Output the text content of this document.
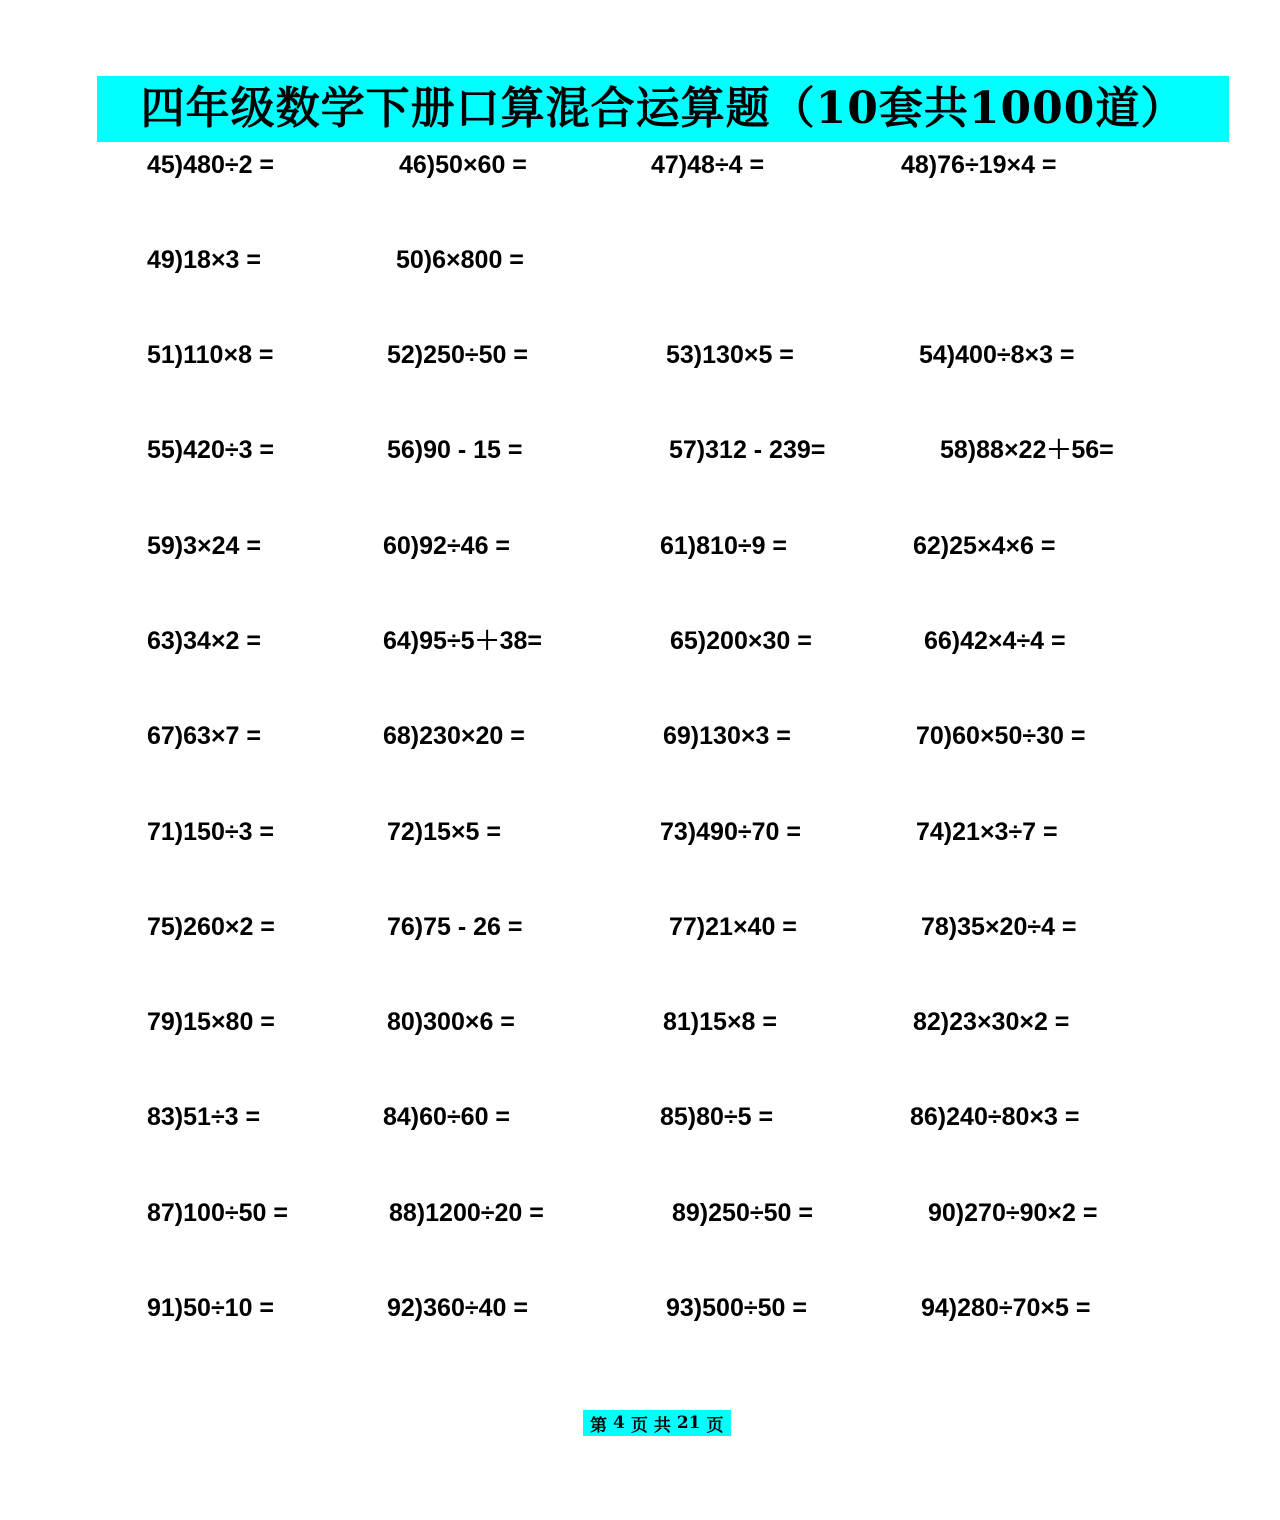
四年级数学下册口算混合运算题（10套共1000道）
45)480÷2 =	46)50×60 =	47)48÷4 =	48)76÷19×4 =
49)18×3 =	50)6×800 =
51)110×8 =	52)250÷50 =	53)130×5 =	54)400÷8×3 =
55)420÷3 =	56)90 - 15 =	57)312 - 239=	58)88×22＋56=
59)3×24 =	60)92÷46 =	61)810÷9 =	62)25×4×6 =
63)34×2 =	64)95÷5＋38=	65)200×30 =	66)42×4÷4 =
67)63×7 =	68)230×20 =	69)130×3 =	70)60×50÷30 =
71)150÷3 =	72)15×5 =	73)490÷70 =	74)21×3÷7 =
75)260×2 =	76)75 - 26 =	77)21×40 =	78)35×20÷4 =
79)15×80 =	80)300×6 =	81)15×8 =	82)23×30×2 =
83)51÷3 =	84)60÷60 =	85)80÷5 =	86)240÷80×3 =
87)100÷50 =	88)1200÷20 =	89)250÷50 =	90)270÷90×2 =
91)50÷10 =	92)360÷40 =	93)500÷50 =	94)280÷70×5 =
第 4 页 共 21 页
